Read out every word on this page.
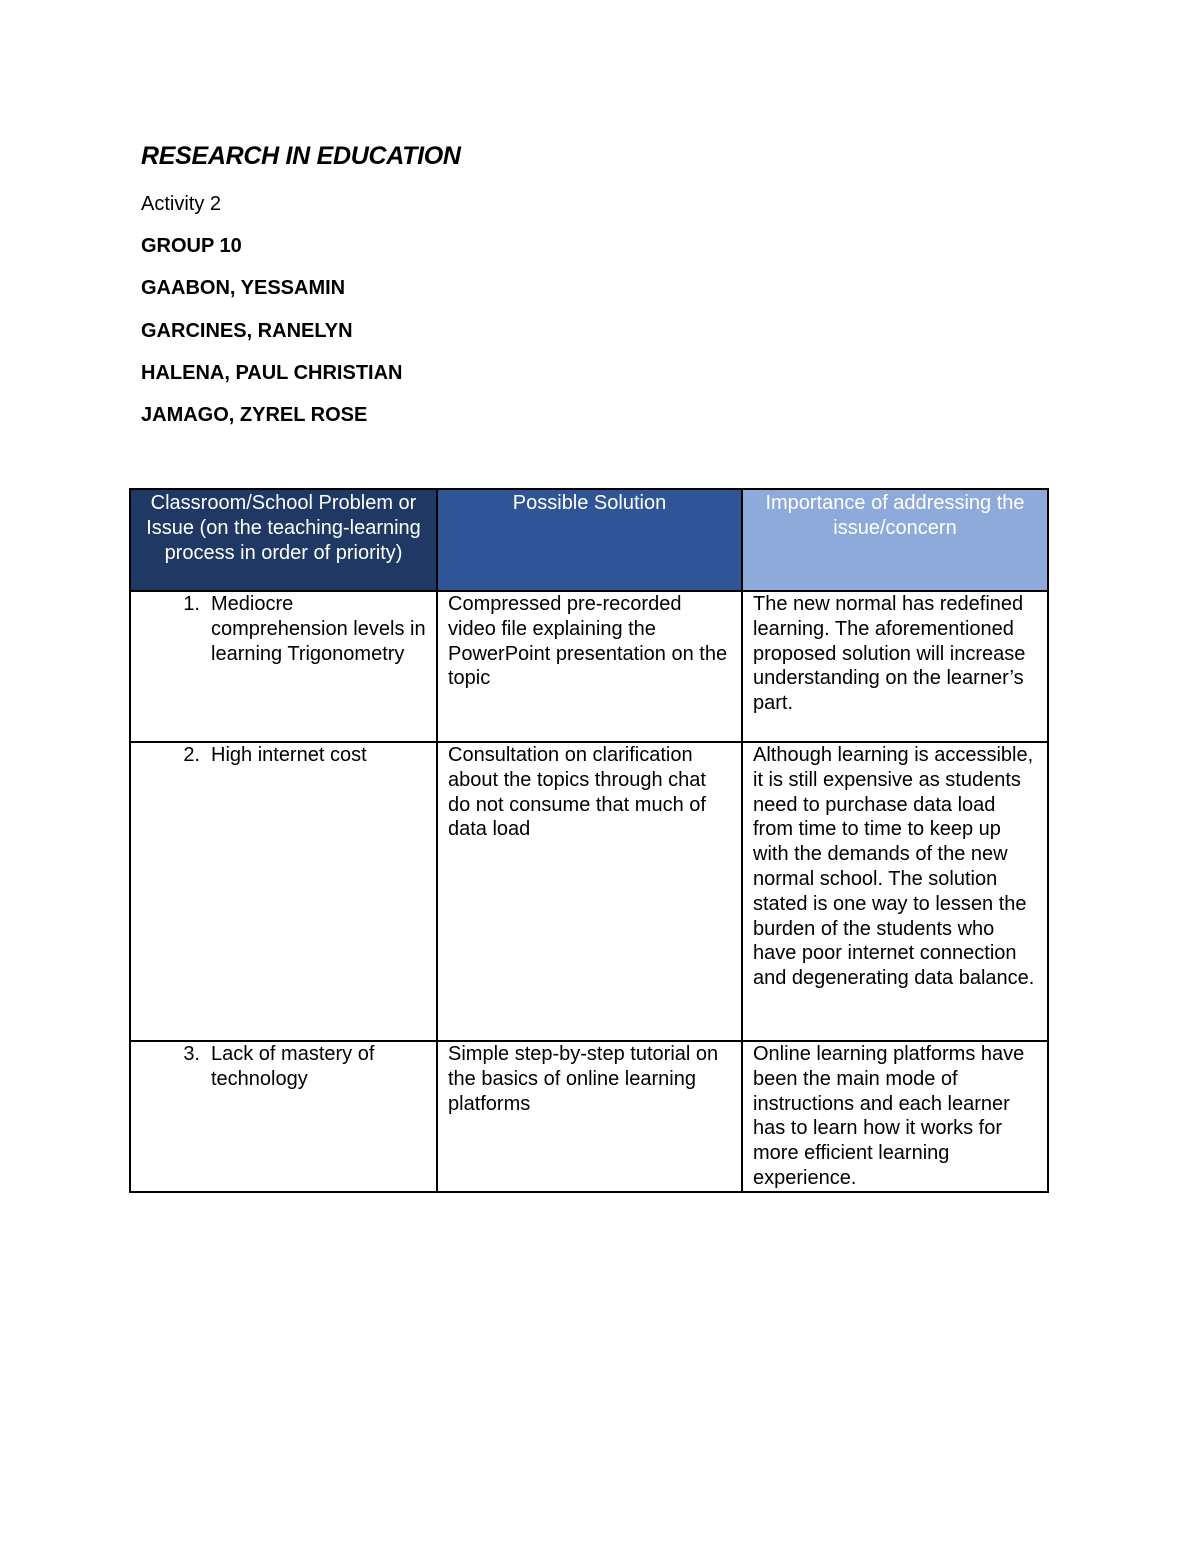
RESEARCH IN EDUCATION

Activity 2

GROUP 10

GAABON, YESSAMIN

GARCINES, RANELYN

HALENA, PAUL CHRISTIAN

JAMAGO, ZYREL ROSE

Classroom/School Problem or Issue (on the teaching-learning process in order of priority)	Possible Solution	Importance of addressing the issue/concern

1. Mediocre comprehension levels in learning Trigonometry	Compressed pre-recorded video file explaining the PowerPoint presentation on the topic	The new normal has redefined learning. The aforementioned proposed solution will increase understanding on the learner’s part.

2. High internet cost	Consultation on clarification about the topics through chat do not consume that much of data load	Although learning is accessible, it is still expensive as students need to purchase data load from time to time to keep up with the demands of the new normal school. The solution stated is one way to lessen the burden of the students who have poor internet connection and degenerating data balance.

3. Lack of mastery of technology	Simple step-by-step tutorial on the basics of online learning platforms	Online learning platforms have been the main mode of instructions and each learner has to learn how it works for more efficient learning experience.
